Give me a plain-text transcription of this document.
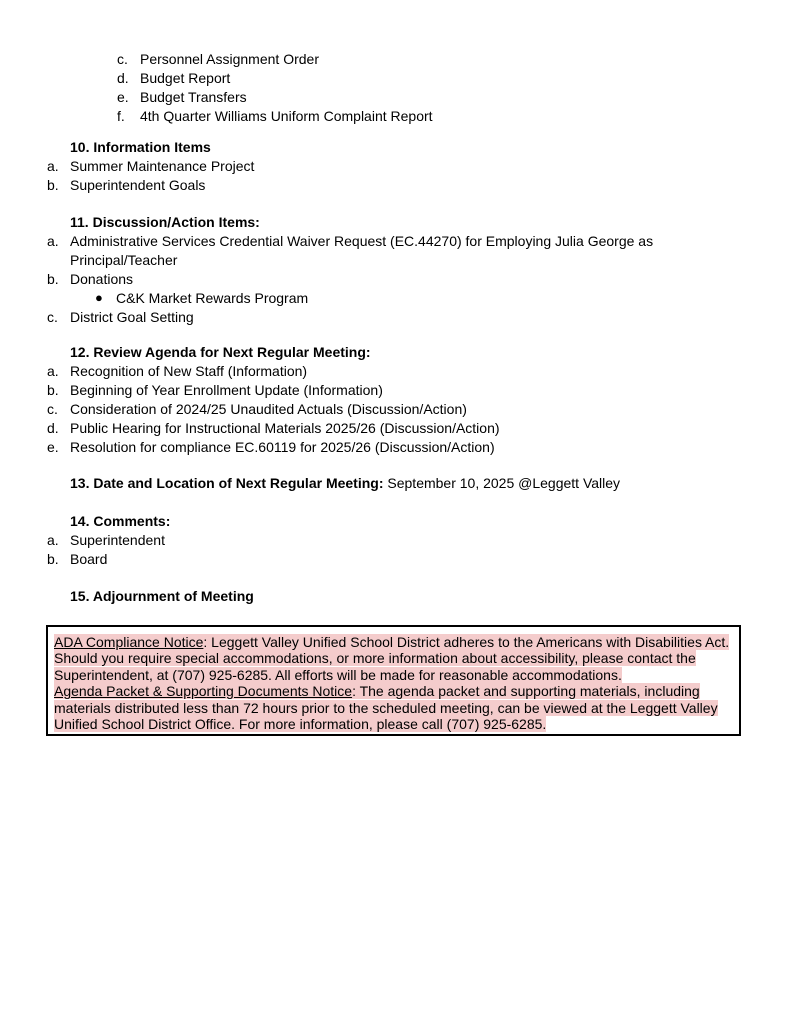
c. Personnel Assignment Order
d. Budget Report
e. Budget Transfers
f. 4th Quarter Williams Uniform Complaint Report
10. Information Items
a. Summer Maintenance Project
b. Superintendent Goals
11. Discussion/Action Items:
a. Administrative Services Credential Waiver Request (EC.44270) for Employing Julia George as Principal/Teacher
b. Donations
● C&K Market Rewards Program
c. District Goal Setting
12. Review Agenda for Next Regular Meeting:
a. Recognition of New Staff (Information)
b. Beginning of Year Enrollment Update (Information)
c. Consideration of 2024/25 Unaudited Actuals (Discussion/Action)
d. Public Hearing for Instructional Materials 2025/26 (Discussion/Action)
e. Resolution for compliance EC.60119 for 2025/26 (Discussion/Action)
13. Date and Location of Next Regular Meeting: September 10, 2025 @Leggett Valley
14. Comments:
a. Superintendent
b. Board
15. Adjournment of Meeting
ADA Compliance Notice: Leggett Valley Unified School District adheres to the Americans with Disabilities Act. Should you require special accommodations, or more information about accessibility, please contact the Superintendent, at (707) 925-6285. All efforts will be made for reasonable accommodations.
Agenda Packet & Supporting Documents Notice: The agenda packet and supporting materials, including materials distributed less than 72 hours prior to the scheduled meeting, can be viewed at the Leggett Valley Unified School District Office. For more information, please call (707) 925-6285.
